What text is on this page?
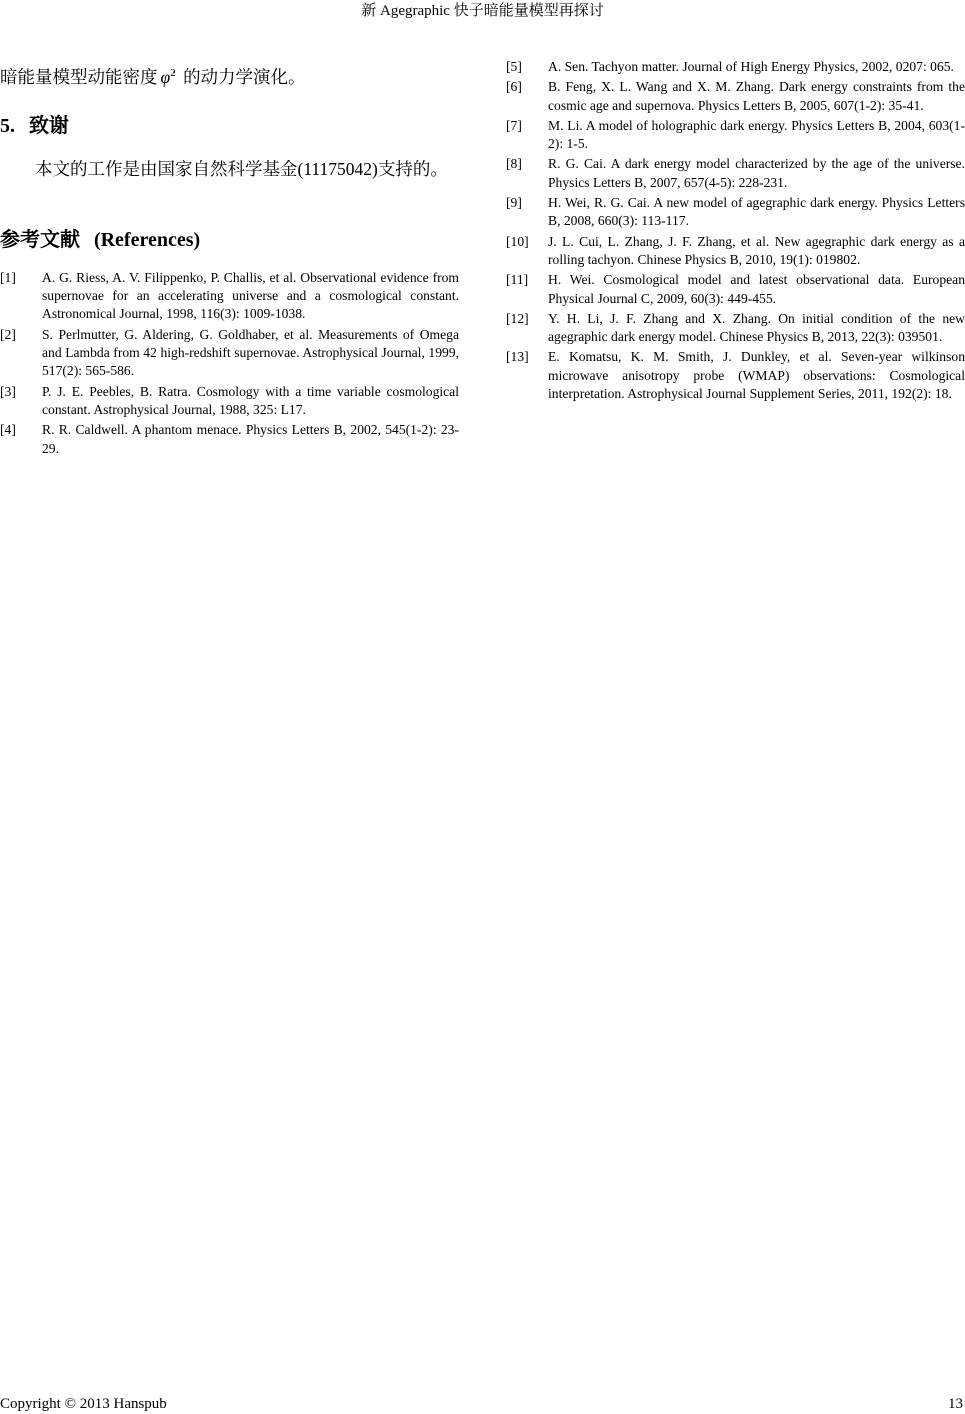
新 Agegraphic 快子暗能量模型再探讨

暗能量模型动能密度 φ̇$^2$ 的动力学演化。

5. 致谢

本文的工作是由国家自然科学基金(11175042)支持的。

参考文献 (References)
[1]	A. G. Riess, A. V. Filippenko, P. Challis, et al. Observational evidence from supernovae for an accelerating universe and a cosmological constant. Astronomical Journal, 1998, 116(3): 1009-1038.
[2]	S. Perlmutter, G. Aldering, G. Goldhaber, et al. Measurements of Omega and Lambda from 42 high-redshift supernovae. Astrophysical Journal, 1999, 517(2): 565-586.
[3]	P. J. E. Peebles, B. Ratra. Cosmology with a time variable cosmological constant. Astrophysical Journal, 1988, 325: L17.
[4]	R. R. Caldwell. A phantom menace. Physics Letters B, 2002, 545(1-2): 23-29.
[5]	A. Sen. Tachyon matter. Journal of High Energy Physics, 2002, 0207: 065.
[6]	B. Feng, X. L. Wang and X. M. Zhang. Dark energy constraints from the cosmic age and supernova. Physics Letters B, 2005, 607(1-2): 35-41.
[7]	M. Li. A model of holographic dark energy. Physics Letters B, 2004, 603(1-2): 1-5.
[8]	R. G. Cai. A dark energy model characterized by the age of the universe. Physics Letters B, 2007, 657(4-5): 228-231.
[9]	H. Wei, R. G. Cai. A new model of agegraphic dark energy. Physics Letters B, 2008, 660(3): 113-117.
[10]	J. L. Cui, L. Zhang, J. F. Zhang, et al. New agegraphic dark energy as a rolling tachyon. Chinese Physics B, 2010, 19(1): 019802.
[11]	H. Wei. Cosmological model and latest observational data. European Physical Journal C, 2009, 60(3): 449-455.
[12]	Y. H. Li, J. F. Zhang and X. Zhang. On initial condition of the new agegraphic dark energy model. Chinese Physics B, 2013, 22(3): 039501.
[13]	E. Komatsu, K. M. Smith, J. Dunkley, et al. Seven-year wilkinson microwave anisotropy probe (WMAP) observations: Cosmological interpretation. Astrophysical Journal Supplement Series, 2011, 192(2): 18.
Copyright © 2013 Hanspub	13
